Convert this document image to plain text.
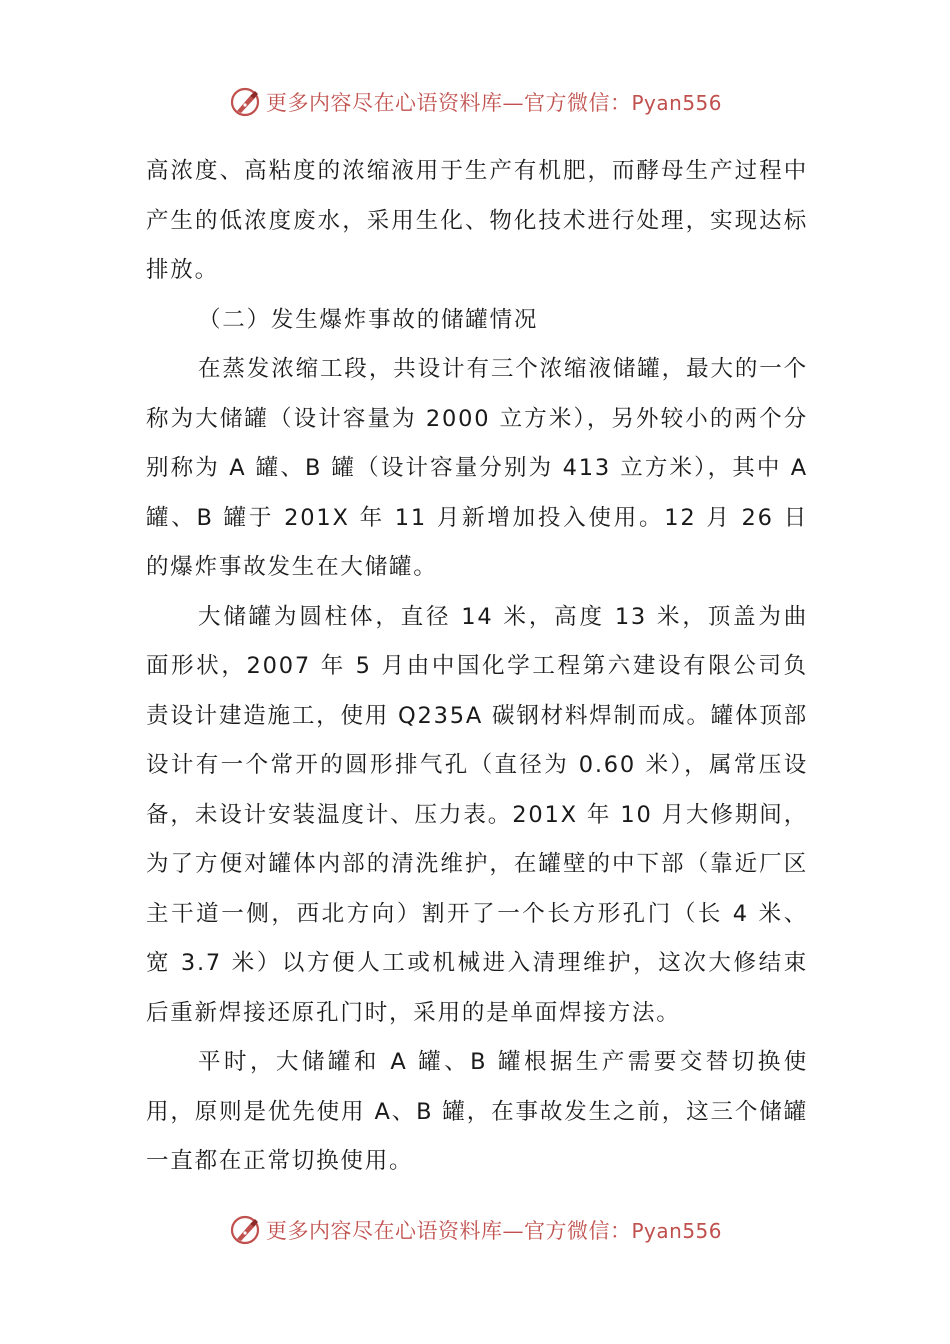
更多内容尽在心语资料库—官方微信：Pyan556

高浓度、高粘度的浓缩液用于生产有机肥，而酵母生产过程中产生的低浓度废水，采用生化、物化技术进行处理，实现达标排放。

（二）发生爆炸事故的储罐情况

在蒸发浓缩工段，共设计有三个浓缩液储罐，最大的一个称为大储罐（设计容量为 2000 立方米），另外较小的两个分别称为 A 罐、B 罐（设计容量分别为 413 立方米），其中 A 罐、B 罐于 201X 年 11 月新增加投入使用。12 月 26 日的爆炸事故发生在大储罐。

大储罐为圆柱体，直径 14 米，高度 13 米，顶盖为曲面形状，2007 年 5 月由中国化学工程第六建设有限公司负责设计建造施工，使用 Q235A 碳钢材料焊制而成。罐体顶部设计有一个常开的圆形排气孔（直径为 0.60 米），属常压设备，未设计安装温度计、压力表。201X 年 10 月大修期间，为了方便对罐体内部的清洗维护，在罐壁的中下部（靠近厂区主干道一侧，西北方向）割开了一个长方形孔门（长 4 米、宽 3.7 米）以方便人工或机械进入清理维护，这次大修结束后重新焊接还原孔门时，采用的是单面焊接方法。

平时，大储罐和 A 罐、B 罐根据生产需要交替切换使用，原则是优先使用 A、B 罐，在事故发生之前，这三个储罐一直都在正常切换使用。

更多内容尽在心语资料库—官方微信：Pyan556
